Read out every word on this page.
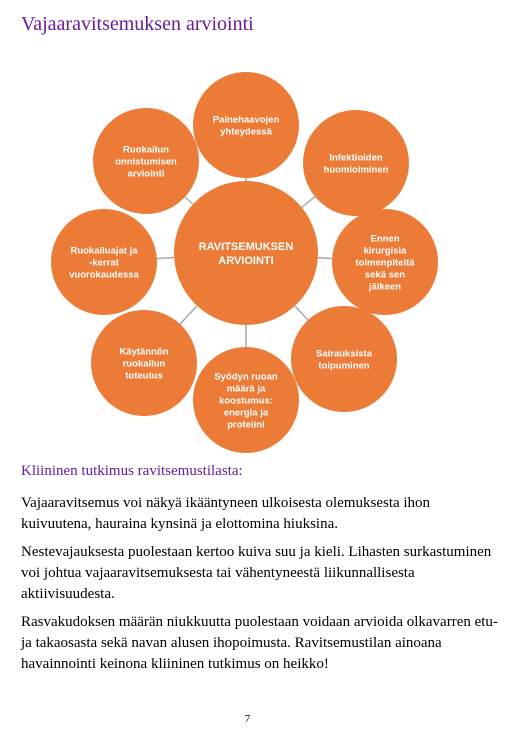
Vajaaravitsemuksen arviointi
Painehaavojen yhteydessä
Infektioiden huomioiminen
Ennen kirurgisia toimenpiteitä sekä sen jälkeen
Sairauksista toipuminen
Syödyn ruoan määrä ja koostumus: energia ja proteiini
Käytännön ruokailun toteutus
Ruokailuajat ja -kerrat vuorokaudessa
Ruokailun onnistumisen arviointi
RAVITSEMUKSEN ARVIOINTI

Kliininen tutkimus ravitsemustilasta:

Vajaaravitsemus voi näkyä ikääntyneen ulkoisesta olemuksesta ihon kuivuutena, hauraina kynsinä ja elottomina hiuksina.

Nestevajauksesta puolestaan kertoo kuiva suu ja kieli. Lihasten surkastuminen voi johtua vajaaravitsemuksesta tai vähentyneestä liikunnallisesta aktiivisuudesta.

Rasvakudoksen määrän niukkuutta puolestaan voidaan arvioida olkavarren etu- ja takaosasta sekä navan alusen ihopoimusta. Ravitsemustilan ainoana havainnointi keinona kliininen tutkimus on heikko!

7
